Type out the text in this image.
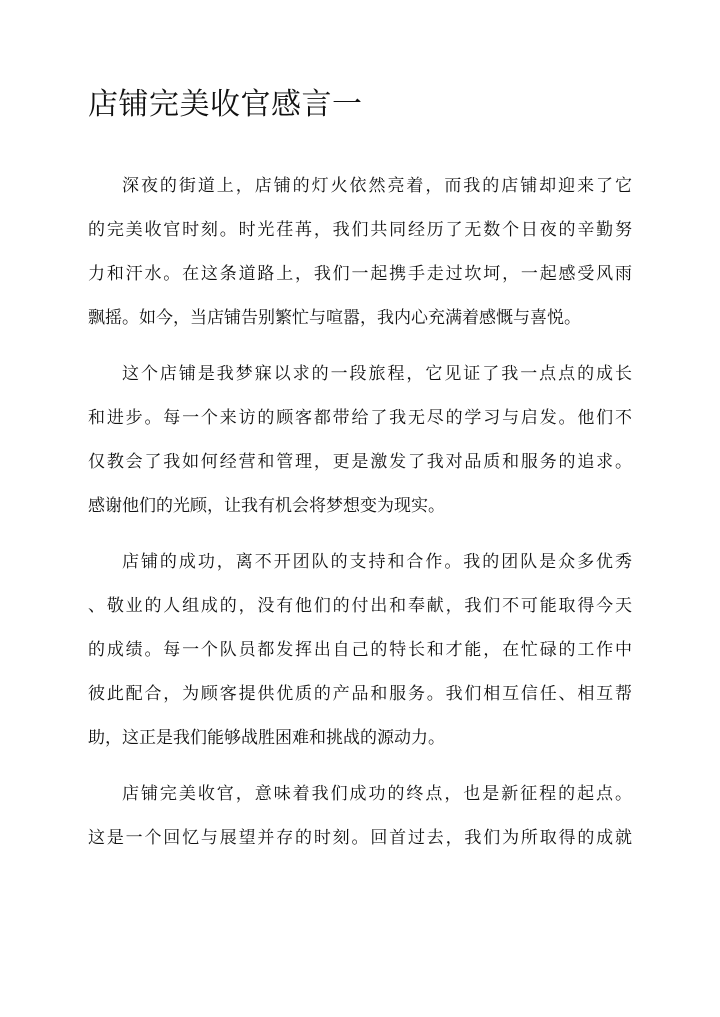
店铺完美收官感言一

深夜的街道上，店铺的灯火依然亮着，而我的店铺却迎来了它

的完美收官时刻。时光荏苒，我们共同经历了无数个日夜的辛勤努

力和汗水。在这条道路上，我们一起携手走过坎坷，一起感受风雨

飘摇。如今，当店铺告别繁忙与喧嚣，我内心充满着感慨与喜悦。

这个店铺是我梦寐以求的一段旅程，它见证了我一点点的成长

和进步。每一个来访的顾客都带给了我无尽的学习与启发。他们不

仅教会了我如何经营和管理，更是激发了我对品质和服务的追求。

感谢他们的光顾，让我有机会将梦想变为现实。

店铺的成功，离不开团队的支持和合作。我的团队是众多优秀

、敬业的人组成的，没有他们的付出和奉献，我们不可能取得今天

的成绩。每一个队员都发挥出自己的特长和才能，在忙碌的工作中

彼此配合，为顾客提供优质的产品和服务。我们相互信任、相互帮

助，这正是我们能够战胜困难和挑战的源动力。

店铺完美收官，意味着我们成功的终点，也是新征程的起点。

这是一个回忆与展望并存的时刻。回首过去，我们为所取得的成就
